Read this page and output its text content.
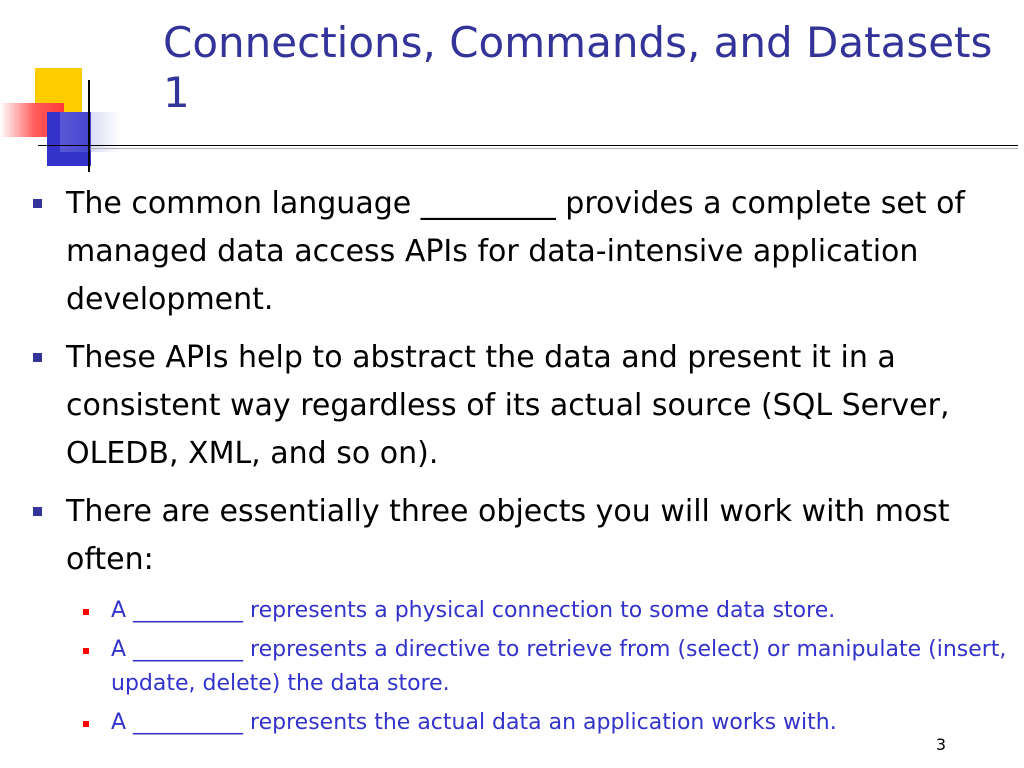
Connections, Commands, and Datasets 1
The common language _________ provides a complete set of managed data access APIs for data-intensive application development.
These APIs help to abstract the data and present it in a consistent way regardless of its actual source (SQL Server, OLEDB, XML, and so on).
There are essentially three objects you will work with most often:
A __________ represents a physical connection to some data store.
A __________ represents a directive to retrieve from (select) or manipulate (insert, update, delete) the data store.
A __________ represents the actual data an application works with.
3
